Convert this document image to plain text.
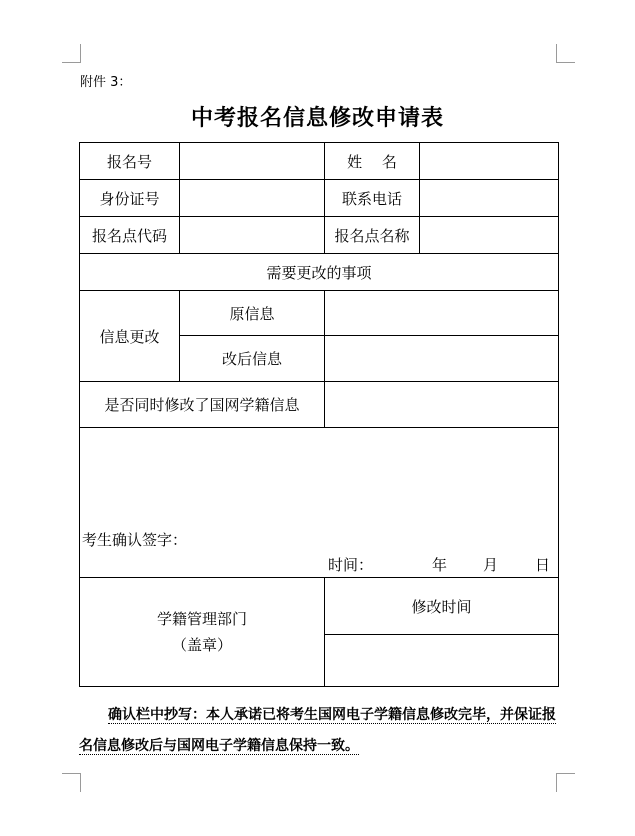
附件 3：
中考报名信息修改申请表
报名号		姓　 名	
身份证号		联系电话	
报名点代码		报名点名称	
需要更改的事项			
信息更改	原信息		
	改后信息		
是否同时修改了国网学籍信息			

考生确认签字：
时间： 年 月 日			

学籍管理部门
（盖章）		修改时间	

确认栏中抄写：本人承诺已将考生国网电子学籍信息修改完毕，并保证报名信息修改后与国网电子学籍信息保持一致。
